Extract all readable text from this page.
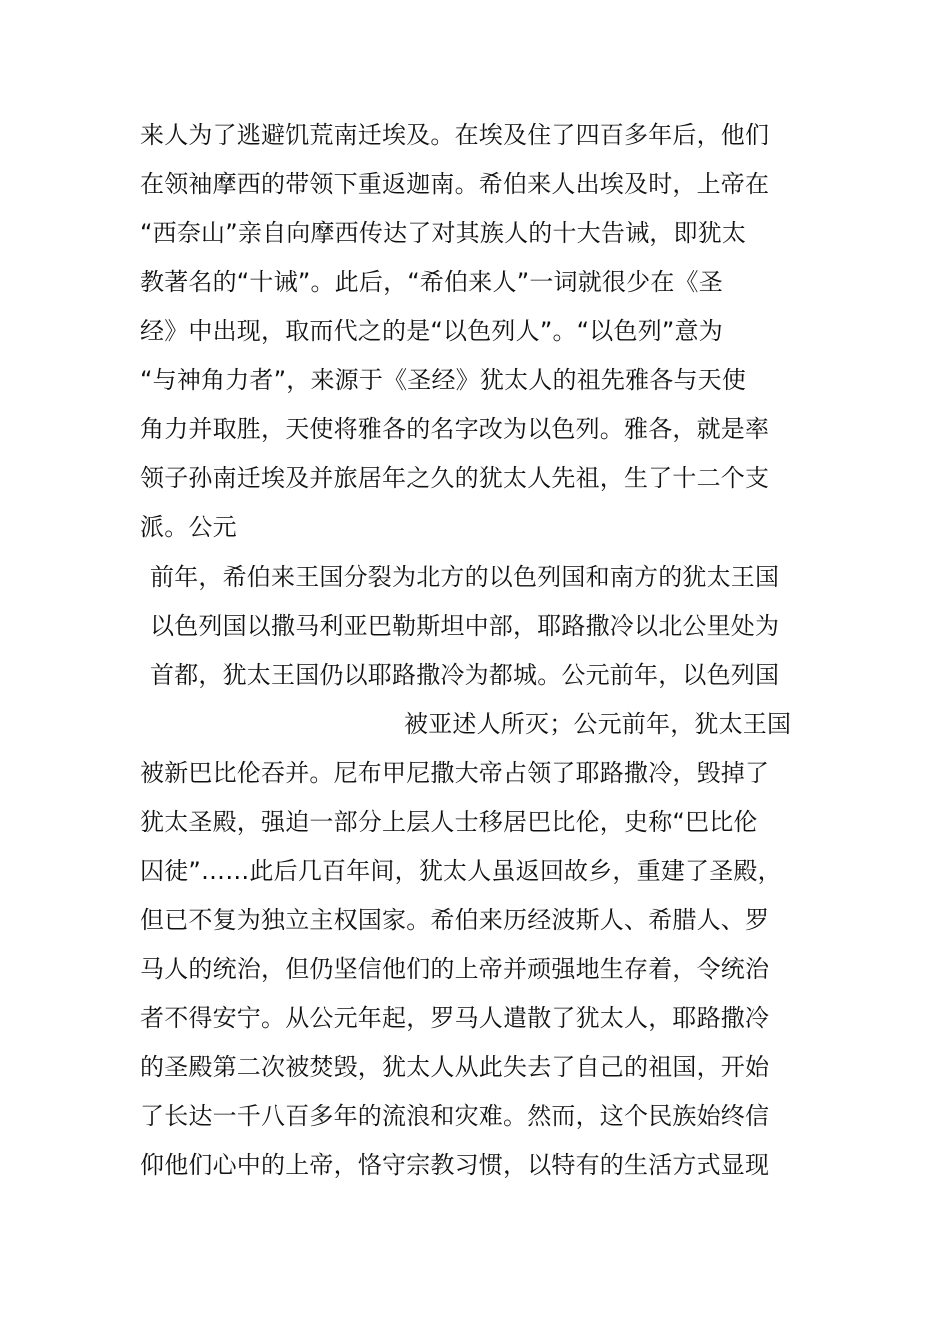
来人为了逃避饥荒南迁埃及。在埃及住了四百多年后，他们
在领袖摩西的带领下重返迦南。希伯来人出埃及时，上帝在
“西奈山”亲自向摩西传达了对其族人的十大告诫，即犹太
教著名的“十诫”。此后，“希伯来人”一词就很少在《圣
经》中出现，取而代之的是“以色列人”。“以色列”意为
“与神角力者”，来源于《圣经》犹太人的祖先雅各与天使
角力并取胜，天使将雅各的名字改为以色列。雅各，就是率
领子孙南迁埃及并旅居年之久的犹太人先祖，生了十二个支
派。公元
前年，希伯来王国分裂为北方的以色列国和南方的犹太王国
以色列国以撒马利亚巴勒斯坦中部，耶路撒冷以北公里处为
首都，犹太王国仍以耶路撒冷为都城。公元前年，以色列国
被亚述人所灭；公元前年，犹太王国
被新巴比伦吞并。尼布甲尼撒大帝占领了耶路撒冷，毁掉了
犹太圣殿，强迫一部分上层人士移居巴比伦，史称“巴比伦
囚徒”……此后几百年间，犹太人虽返回故乡，重建了圣殿，
但已不复为独立主权国家。希伯来历经波斯人、希腊人、罗
马人的统治，但仍坚信他们的上帝并顽强地生存着，令统治
者不得安宁。从公元年起，罗马人遣散了犹太人，耶路撒冷
的圣殿第二次被焚毁，犹太人从此失去了自己的祖国，开始
了长达一千八百多年的流浪和灾难。然而，这个民族始终信
仰他们心中的上帝，恪守宗教习惯，以特有的生活方式显现
